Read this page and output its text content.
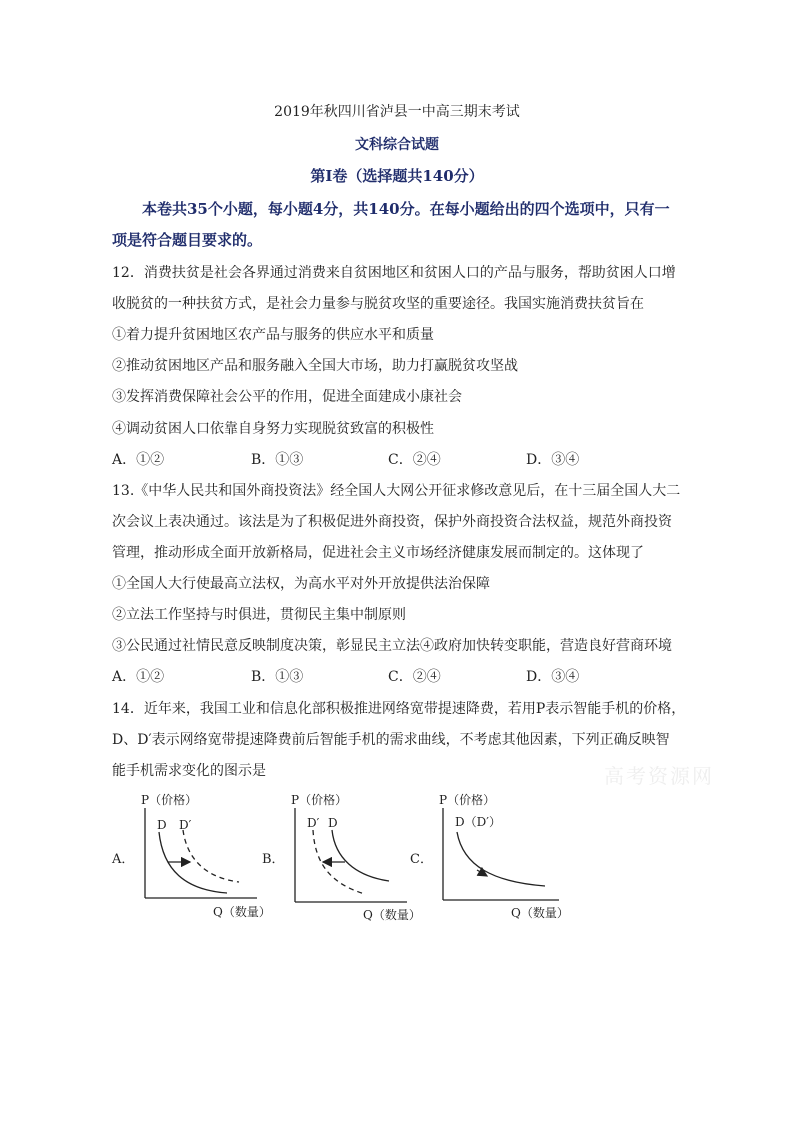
2019年秋四川省泸县一中高三期末考试
文科综合试题
第Ⅰ卷（选择题共140分）
本卷共35个小题，每小题4分，共140分。在每小题给出的四个选项中，只有一项是符合题目要求的。
12．消费扶贫是社会各界通过消费来自贫困地区和贫困人口的产品与服务，帮助贫困人口增
收脱贫的一种扶贫方式，是社会力量参与脱贫攻坚的重要途径。我国实施消费扶贫旨在
①着力提升贫困地区农产品与服务的供应水平和质量
②推动贫困地区产品和服务融入全国大市场，助力打赢脱贫攻坚战
③发挥消费保障社会公平的作用，促进全面建成小康社会
④调动贫困人口依靠自身努力实现脱贫致富的积极性
A．①②	B．①③	C．②④	D．③④
13.《中华人民共和国外商投资法》经全国人大网公开征求修改意见后，在十三届全国人大二
次会议上表决通过。该法是为了积极促进外商投资，保护外商投资合法权益，规范外商投资
管理，推动形成全面开放新格局，促进社会主义市场经济健康发展而制定的。这体现了
①全国人大行使最高立法权，为高水平对外开放提供法治保障
②立法工作坚持与时俱进，贯彻民主集中制原则
③公民通过社情民意反映制度决策，彰显民主立法④政府加快转变职能，营造良好营商环境
A．①②	B．①③	C．②④	D．③④
14．近年来，我国工业和信息化部积极推进网络宽带提速降费，若用P表示智能手机的价格，
D、D′表示网络宽带提速降费前后智能手机的需求曲线，不考虑其他因素，下列正确反映智
能手机需求变化的图示是	高考资源网
A．
P（价格）
D D′
Q（数量）
B．
P（价格）
D′ D
Q（数量）
C．
P（价格）
D（D′）
Q（数量）
